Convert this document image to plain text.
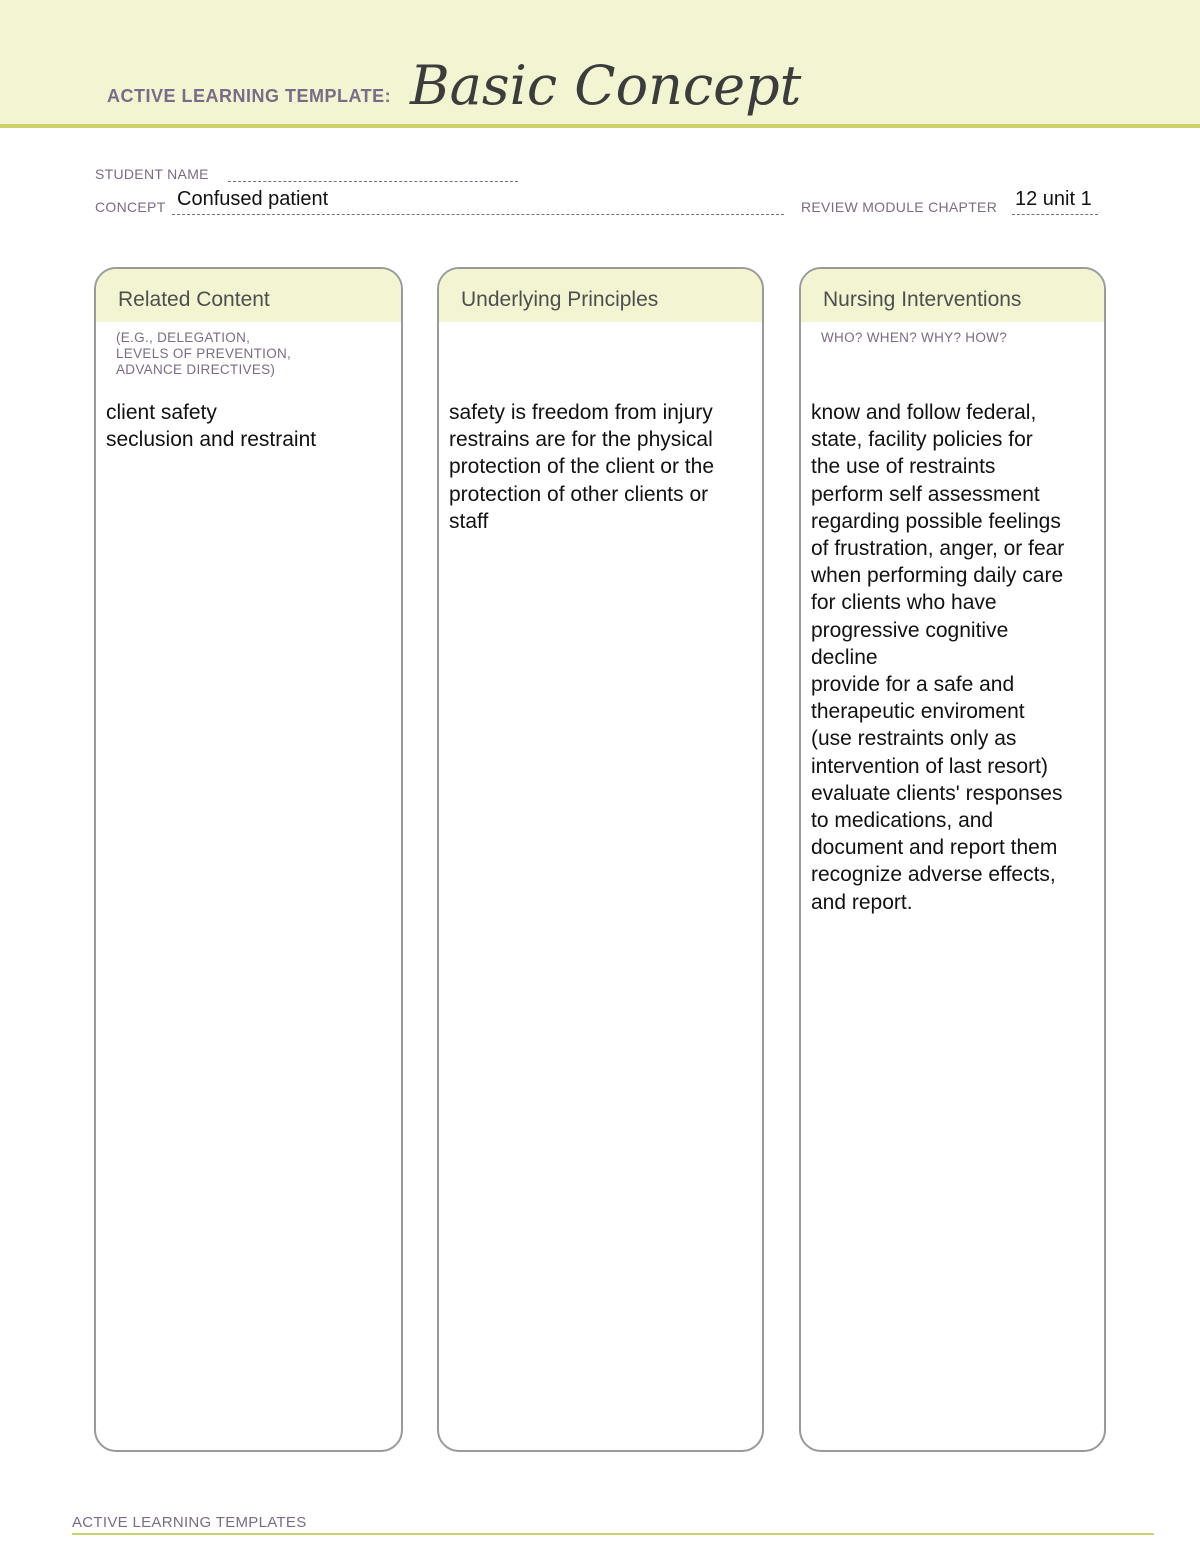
ACTIVE LEARNING TEMPLATE: Basic Concept
STUDENT NAME
CONCEPT Confused patient	REVIEW MODULE CHAPTER 12 unit 1
Related Content
(E.G., DELEGATION,
LEVELS OF PREVENTION,
ADVANCE DIRECTIVES)
client safety
seclusion and restraint
Underlying Principles
safety is freedom from injury
restrains are for the physical
protection of the client or the
protection of other clients or
staff
Nursing Interventions
WHO? WHEN? WHY? HOW?
know and follow federal,
state, facility policies for
the use of restraints
perform self assessment
regarding possible feelings
of frustration, anger, or fear
when performing daily care
for clients who have
progressive cognitive
decline
provide for a safe and
therapeutic enviroment
(use restraints only as
intervention of last resort)
evaluate clients' responses
to medications, and
document and report them
recognize adverse effects,
and report.
ACTIVE LEARNING TEMPLATES
